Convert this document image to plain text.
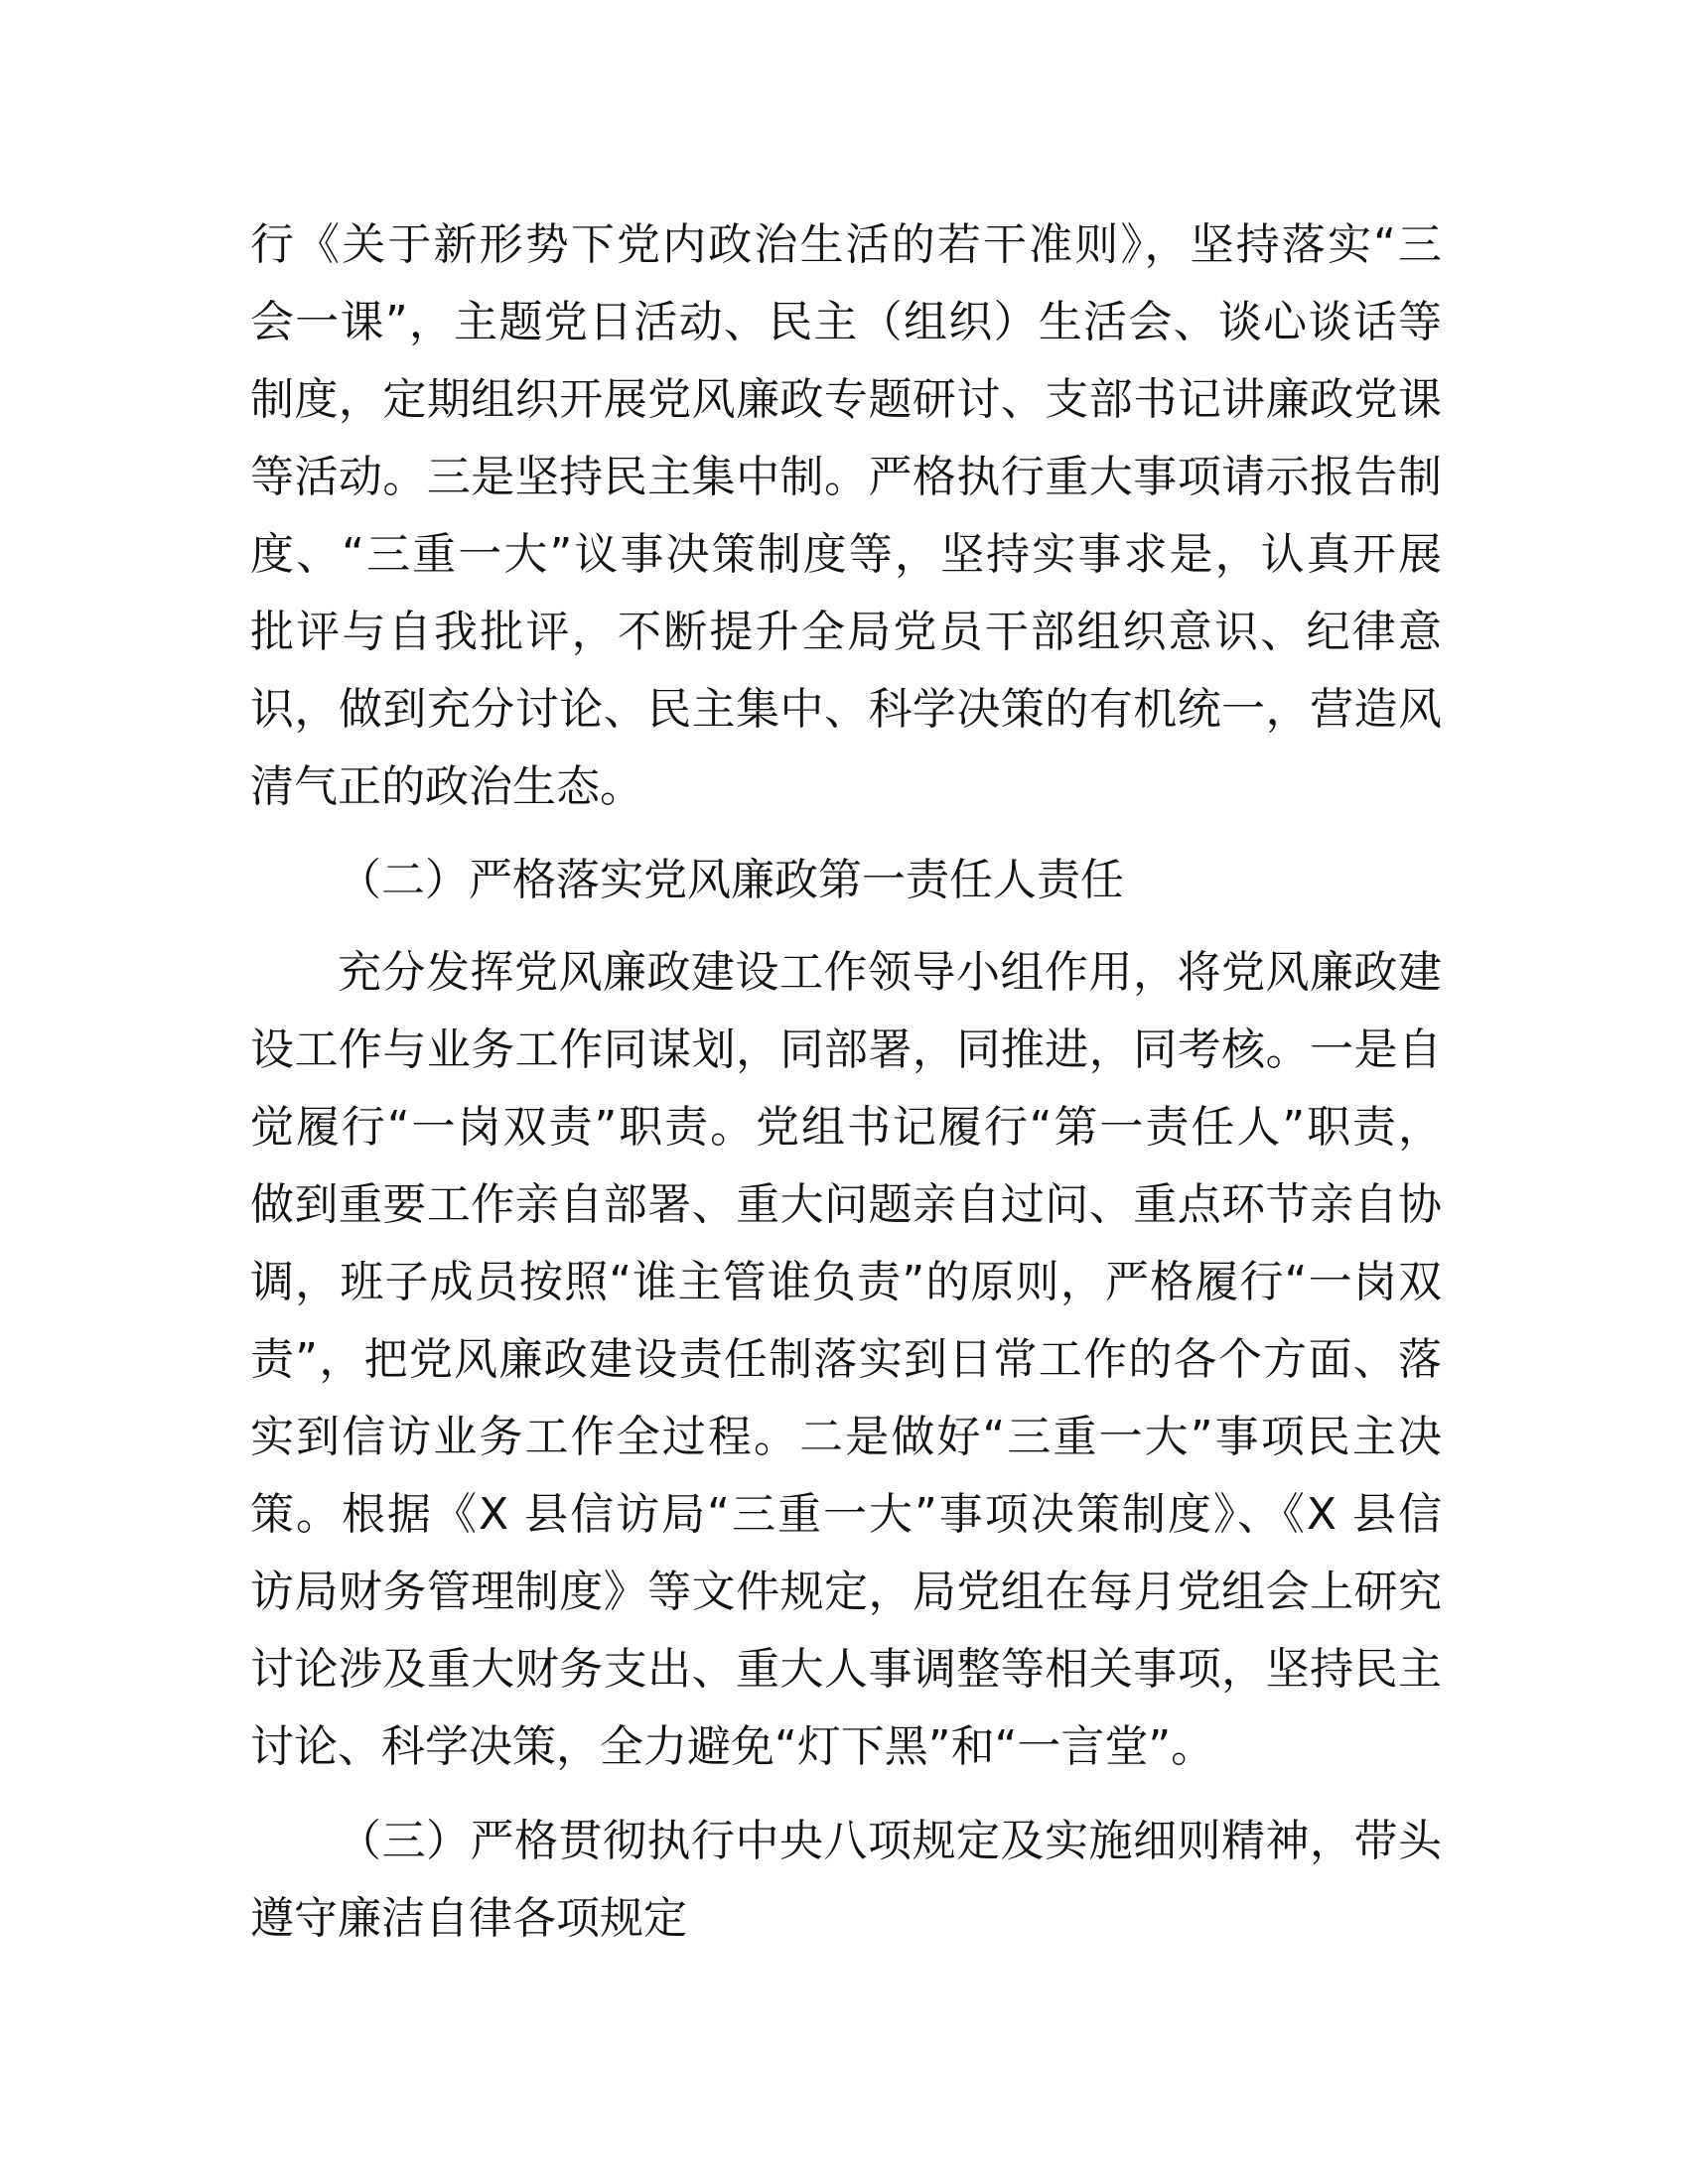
行《关于新形势下党内政治生活的若干准则》，坚持落实“三
会一课”，主题党日活动、民主（组织）生活会、谈心谈话等
制度，定期组织开展党风廉政专题研讨、支部书记讲廉政党课
等活动。三是坚持民主集中制。严格执行重大事项请示报告制
度、“三重一大”议事决策制度等，坚持实事求是，认真开展
批评与自我批评，不断提升全局党员干部组织意识、纪律意
识，做到充分讨论、民主集中、科学决策的有机统一，营造风
清气正的政治生态。
（二）严格落实党风廉政第一责任人责任
充分发挥党风廉政建设工作领导小组作用，将党风廉政建
设工作与业务工作同谋划，同部署，同推进，同考核。一是自
觉履行“一岗双责”职责。党组书记履行“第一责任人”职责，
做到重要工作亲自部署、重大问题亲自过问、重点环节亲自协
调，班子成员按照“谁主管谁负责”的原则，严格履行“一岗双
责”，把党风廉政建设责任制落实到日常工作的各个方面、落
实到信访业务工作全过程。二是做好“三重一大”事项民主决
策。根据《X 县信访局“三重一大”事项决策制度》、《X 县信
访局财务管理制度》等文件规定，局党组在每月党组会上研究
讨论涉及重大财务支出、重大人事调整等相关事项，坚持民主
讨论、科学决策，全力避免“灯下黑”和“一言堂”。
（三）严格贯彻执行中央八项规定及实施细则精神，带头
遵守廉洁自律各项规定
